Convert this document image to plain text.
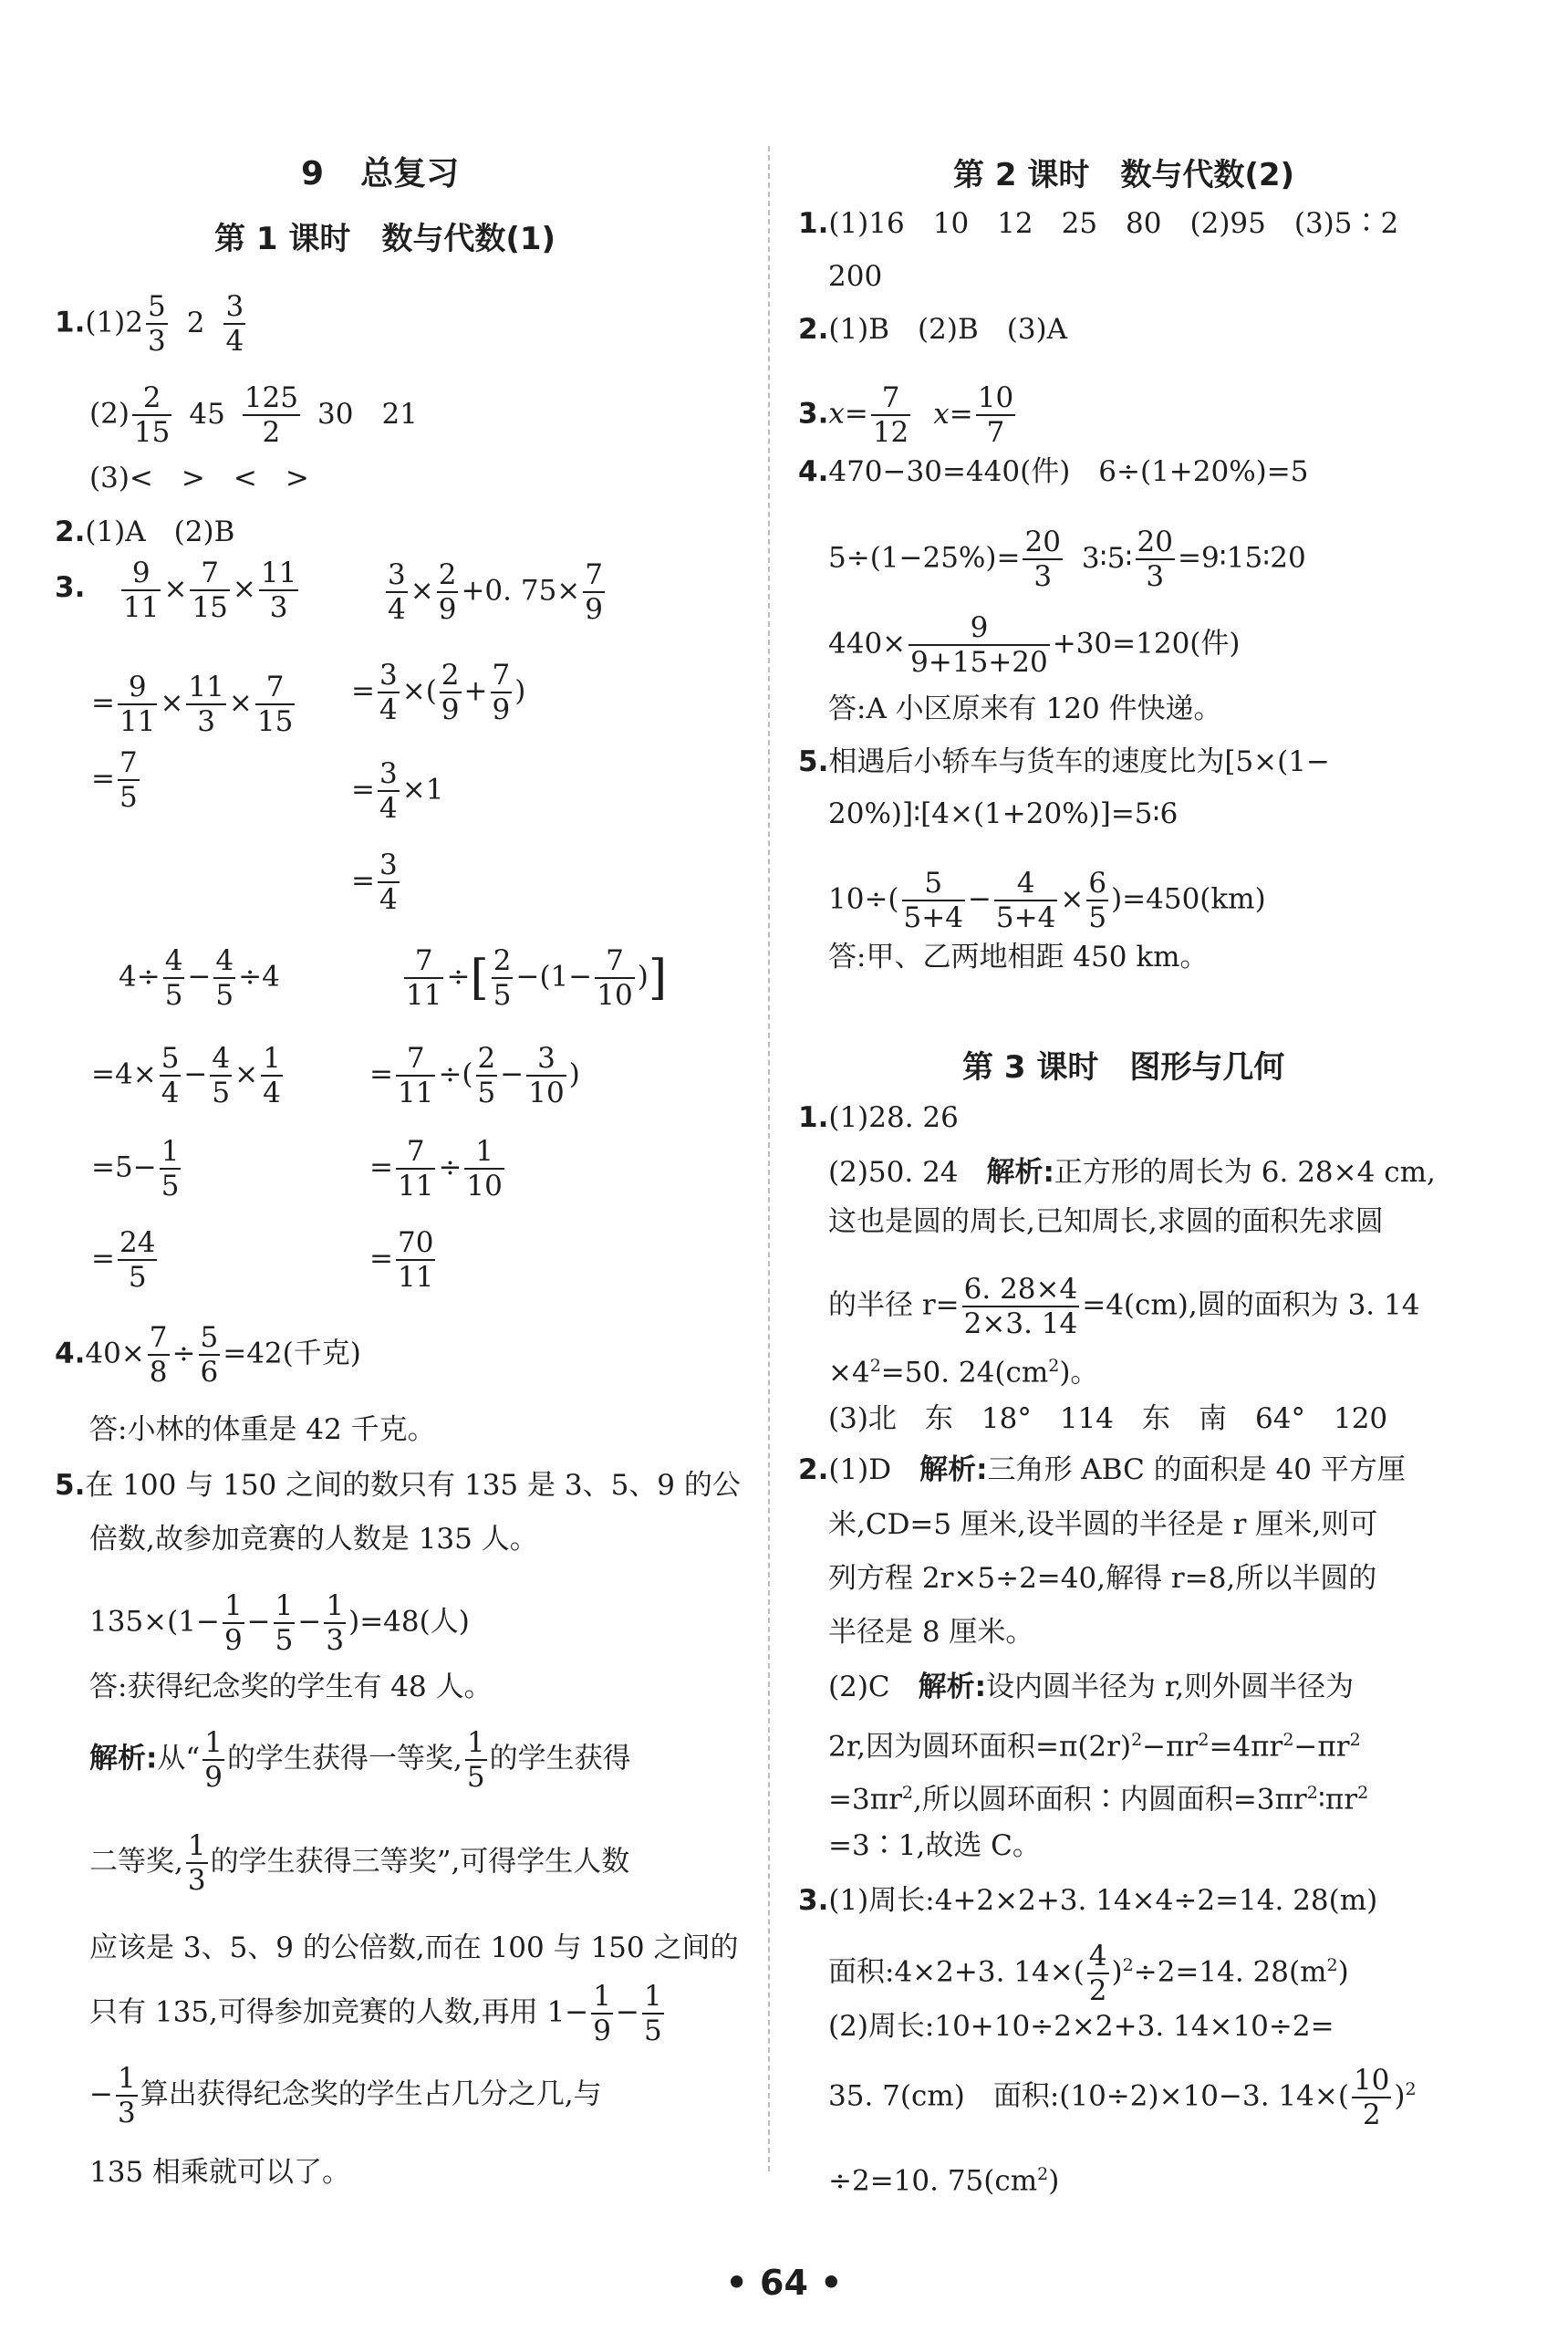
9 总复习
第 1 课时　数与代数(1)
$1.(1)2 \frac{5}{3} 2 \frac{3}{4}$
$(2) \frac{2}{15} 45 \frac{125}{2} 30$　21
(3)<　>　<　>
2.(1)A　(2)B
3. $\frac{9}{11} \times \frac{7}{15} \times \frac{11}{3}$
= $\frac{9}{11} \times \frac{11}{3} \times \frac{7}{15}$
= $\frac{7}{5}$
$\frac{3}{4} \times \frac{2}{9} +0$. $75\times \frac{7}{9}$
= $\frac{3}{4}$ ×( $\frac{2}{9} + \frac{7}{9}$ )
= $\frac{3}{4} \times 1$
= $\frac{3}{4}$
$4\div \frac{4}{5} - \frac{4}{5} \div 4$
$=4\times \frac{5}{4} - \frac{4}{5} \times \frac{1}{4}$
$=5- \frac{1}{5}$
= $\frac{24}{5}$
$\frac{7}{11}$ ÷[ $\frac{2}{5} -(1- \frac{7}{10}$ )]
= $\frac{7}{11}$ ÷( $\frac{2}{5} - \frac{3}{10}$ )
= $\frac{7}{11} \div \frac{1}{10}$
= $\frac{70}{11}$
$4.40\times \frac{7}{8} \div \frac{5}{6} =42$(千克)
答:小林的体重是 42 千克。
5.在 100 与 150 之间的数只有 135 是 3、5、9 的公
倍数,故参加竞赛的人数是 135 人。
$135\times(1- \frac{1}{9} - \frac{1}{5} - \frac{1}{3} )=48$(人)
答:获得纪念奖的学生有 48 人。
解析:从“ $\frac{1}{9}$ 的学生获得一等奖, $\frac{1}{5}$ 的学生获得
二等奖, $\frac{1}{3}$ 的学生获得三等奖”,可得学生人数
应该是 3、5、9 的公倍数,而在 100 与 150 之间的
只有 135,可得参加竞赛的人数,再用 $1- \frac{1}{9} - \frac{1}{5}$
− $\frac{1}{3}$ 算出获得纪念奖的学生占几分之几,与
135 相乘就可以了。
第 2 课时　数与代数(2)
1.(1)16　10　12　25　80　(2)95　(3)5∶2
200
2.(1)B　(2)B　(3)A
$3.x= \frac{7}{12} x= \frac{10}{7}$
4.470−30=440(件)　6÷(1+20%)=5
$5\div(1-25\%)= \frac{20}{3}$ 3∶5∶ $\frac{20}{3}$ =9∶15∶20
$440\times \frac{9}{9+15+20} +30=120$(件)
答:A 小区原来有 120 件快递。
5.相遇后小轿车与货车的速度比为[5×(1−
20%)]∶[4×(1+20%)]=5∶6
$10\div( \frac{5}{5+4} - \frac{4}{5+4} \times \frac{6}{5} )=450(km)$
答:甲、乙两地相距 450 km。
第 3 课时　图形与几何
1.(1)28. 26
(2)50. 24　解析:正方形的周长为 6. 28×4 cm,
这也是圆的周长,已知周长,求圆的面积先求圆
的半径 $r= \frac{6. 28\times 4}{2\times 3. 14} =4(cm)$,圆的面积为 3. 14
$\times 4^2=50$. $24(cm^2)$。
(3)北　东　18°　114　东　南　64°　120
2.(1)D　解析:三角形 ABC 的面积是 40 平方厘
米,CD=5 厘米,设半圆的半径是 r 厘米,则可
列方程 2r×5÷2=40,解得 r=8,所以半圆的
半径是 8 厘米。
(2)C　解析:设内圆半径为 r,则外圆半径为
2r,因为圆环面积$=\pi(2r)^2-\pi r^2=4\pi r^2-\pi r^2$
$=3\pi r^2$,所以圆环面积∶内圆面积$=3\pi r^2∶\pi r^2$
=3∶1,故选 C。
3.(1)周长:4+2×2+3. 14×4÷2=14. 28(m)
面积:4×2+3. $14\times( \frac{4}{2} )^2\div 2=14$. $28(m^2)$
(2)周长:10+10÷2×2+3. 14×10÷2=
35. 7(cm)　面积:(10÷2)×10−3. $14\times( \frac{10}{2} )^2$
÷2=10. $75(cm^2)$
• 64 •
